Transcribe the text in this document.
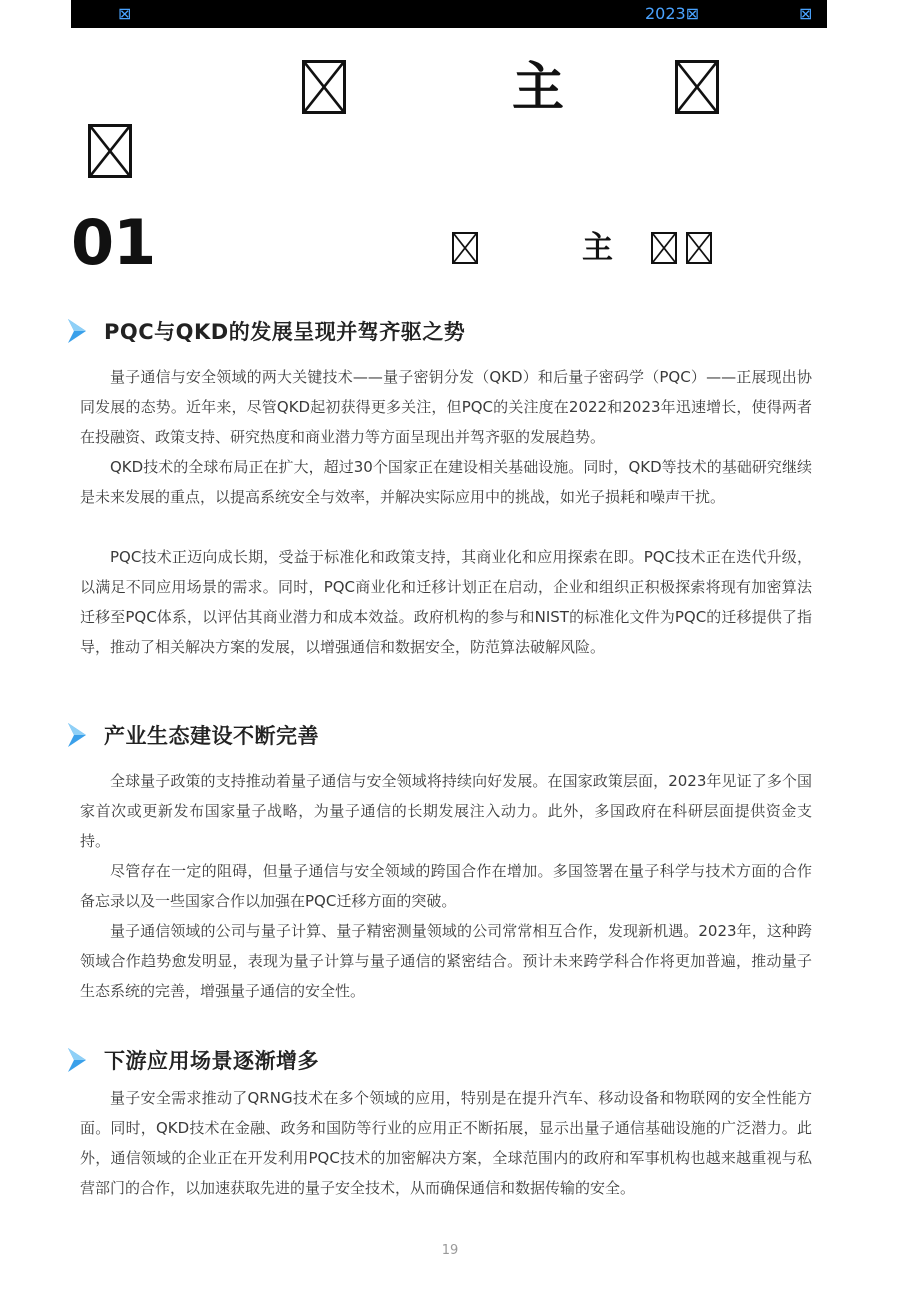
⊠	2023⊠	⊠
主
01	主
PQC与QKD的发展呈现并驾齐驱之势

量子通信与安全领域的两大关键技术——量子密钥分发（QKD）和后量子密码学（PQC）——正展现出协同发展的态势。近年来，尽管QKD起初获得更多关注，但PQC的关注度在2022和2023年迅速增长，使得两者在投融资、政策支持、研究热度和商业潜力等方面呈现出并驾齐驱的发展趋势。

QKD技术的全球布局正在扩大，超过30个国家正在建设相关基础设施。同时，QKD等技术的基础研究继续是未来发展的重点，以提高系统安全与效率，并解决实际应用中的挑战，如光子损耗和噪声干扰。

PQC技术正迈向成长期，受益于标准化和政策支持，其商业化和应用探索在即。PQC技术正在迭代升级，以满足不同应用场景的需求。同时，PQC商业化和迁移计划正在启动，企业和组织正积极探索将现有加密算法迁移至PQC体系，以评估其商业潜力和成本效益。政府机构的参与和NIST的标准化文件为PQC的迁移提供了指导，推动了相关解决方案的发展，以增强通信和数据安全，防范算法破解风险。

产业生态建设不断完善

全球量子政策的支持推动着量子通信与安全领域将持续向好发展。在国家政策层面，2023年见证了多个国家首次或更新发布国家量子战略，为量子通信的长期发展注入动力。此外，多国政府在科研层面提供资金支持。

尽管存在一定的阻碍，但量子通信与安全领域的跨国合作在增加。多国签署在量子科学与技术方面的合作备忘录以及一些国家合作以加强在PQC迁移方面的突破。

量子通信领域的公司与量子计算、量子精密测量领域的公司常常相互合作，发现新机遇。2023年，这种跨领域合作趋势愈发明显，表现为量子计算与量子通信的紧密结合。预计未来跨学科合作将更加普遍，推动量子生态系统的完善，增强量子通信的安全性。

下游应用场景逐渐增多

量子安全需求推动了QRNG技术在多个领域的应用，特别是在提升汽车、移动设备和物联网的安全性能方面。同时，QKD技术在金融、政务和国防等行业的应用正不断拓展，显示出量子通信基础设施的广泛潜力。此外，通信领域的企业正在开发利用PQC技术的加密解决方案，全球范围内的政府和军事机构也越来越重视与私营部门的合作，以加速获取先进的量子安全技术，从而确保通信和数据传输的安全。

19
